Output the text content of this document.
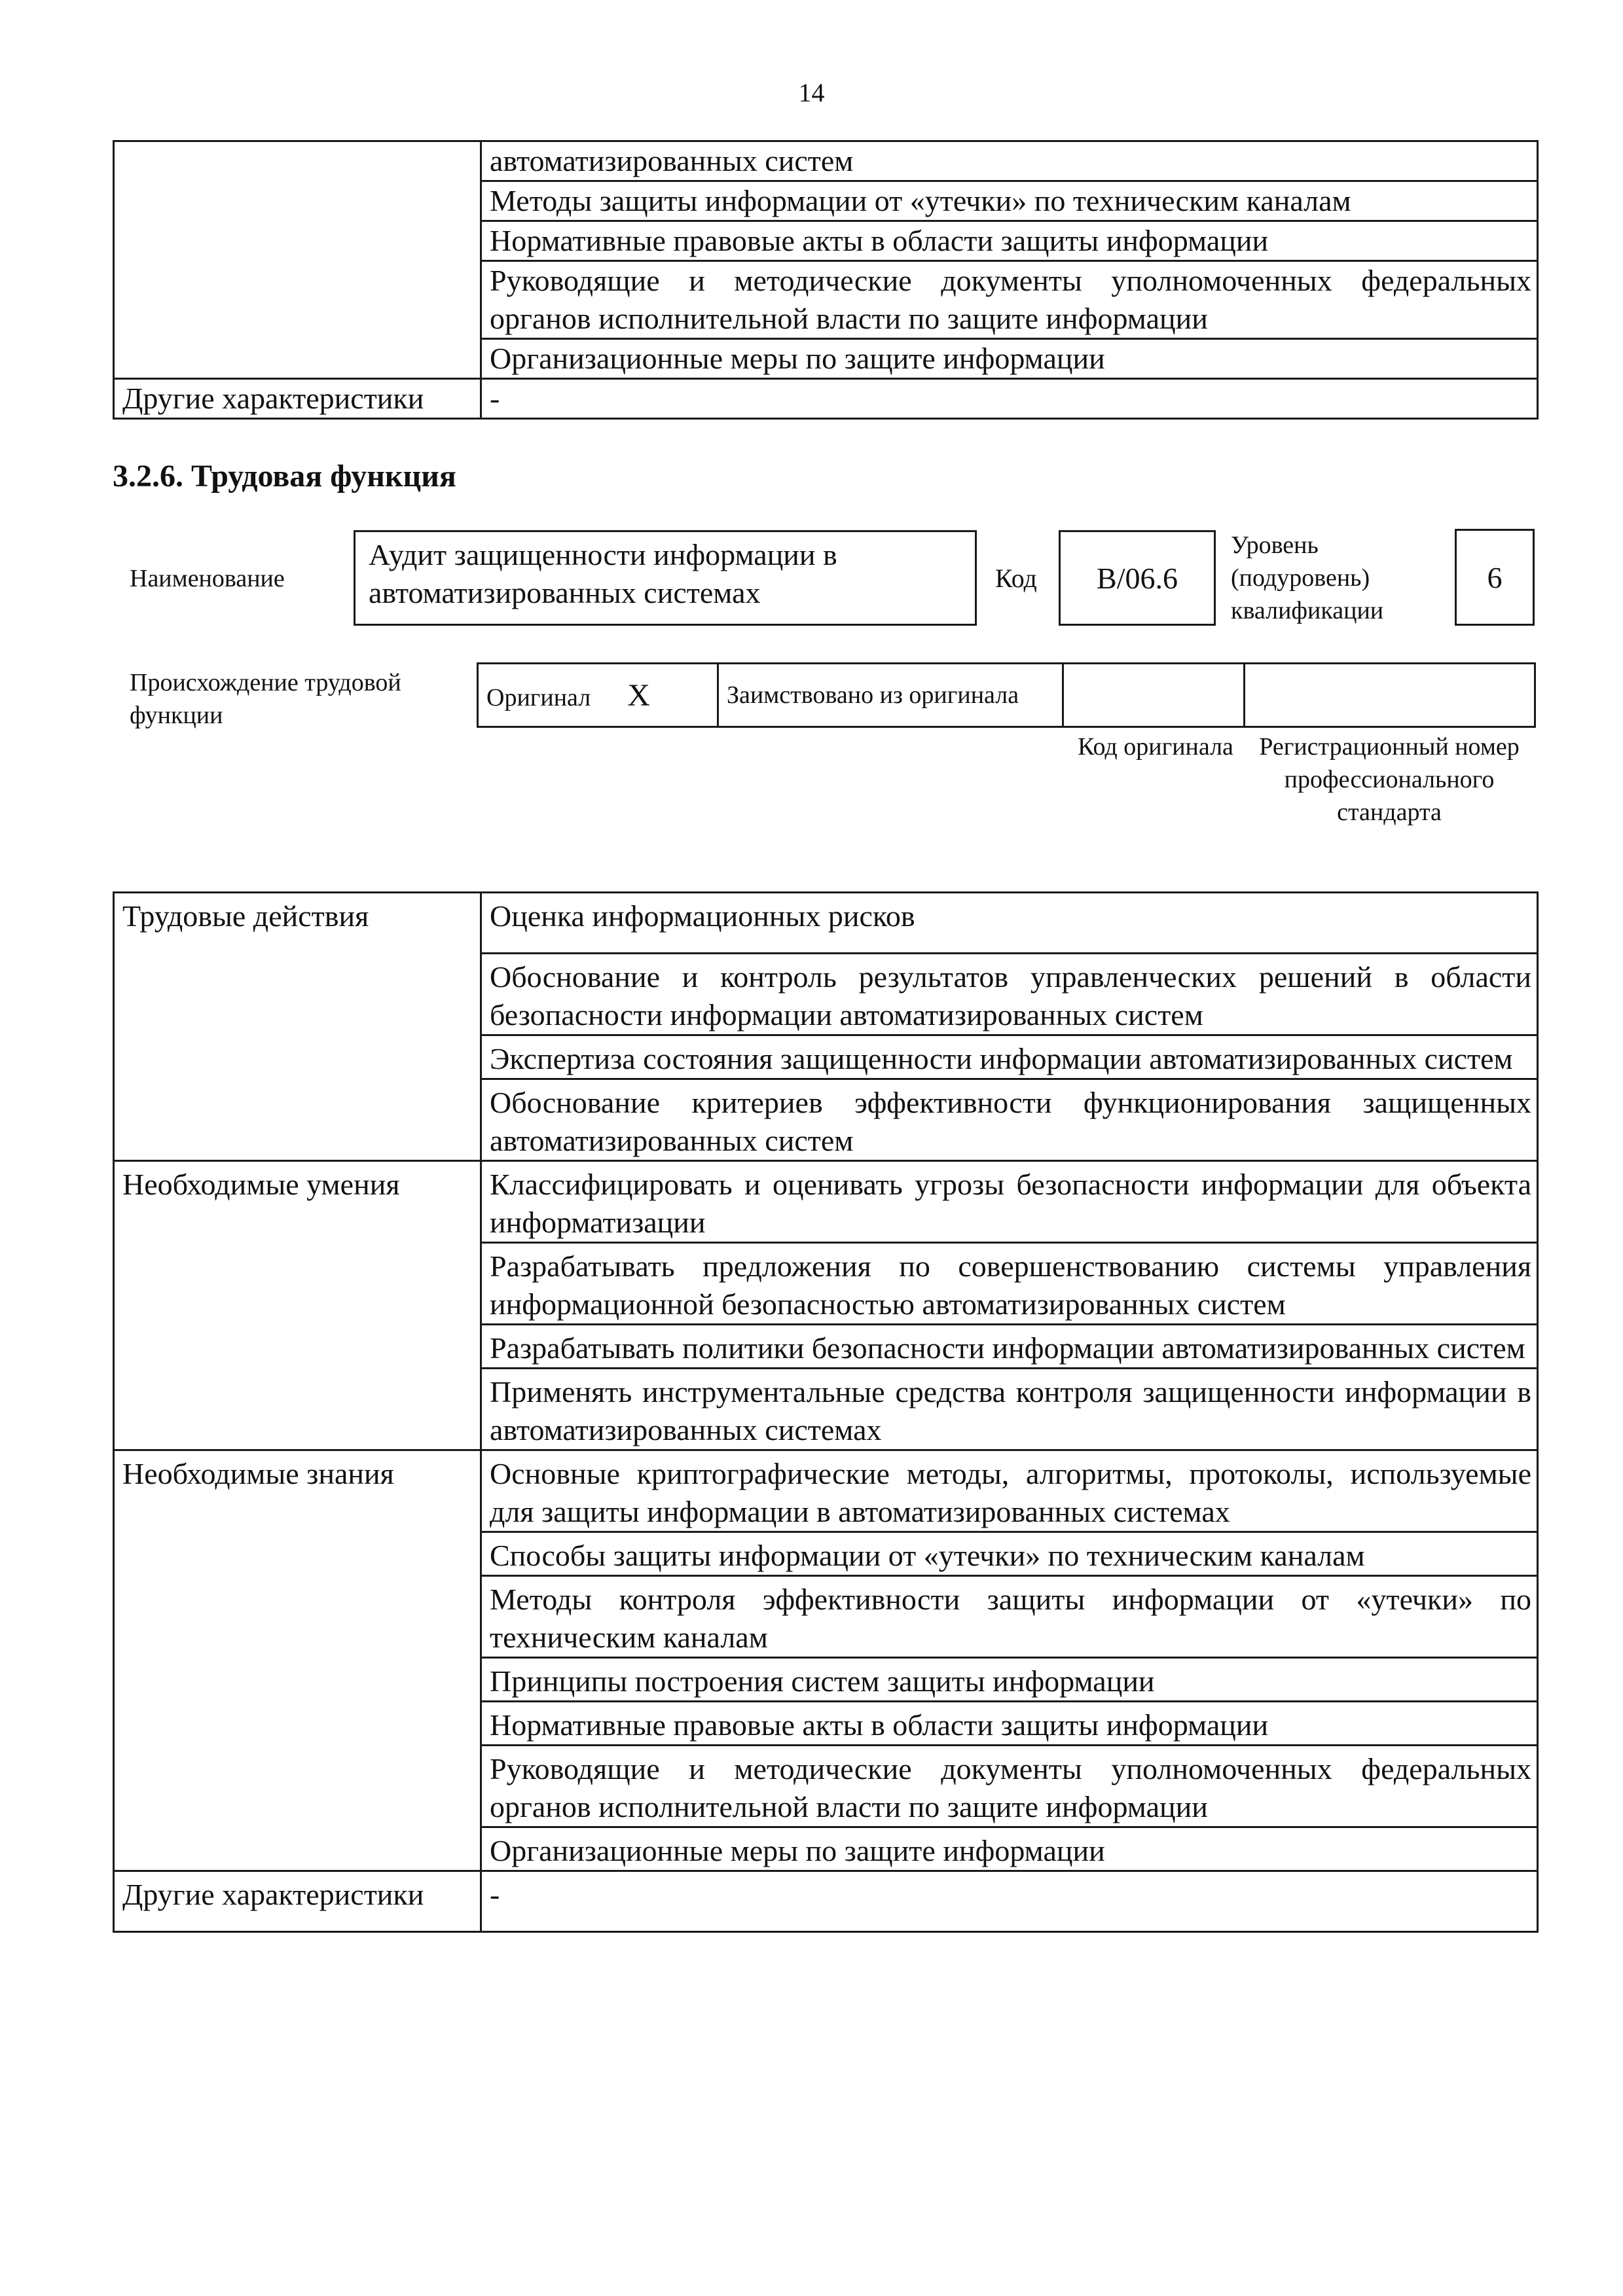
14
	автоматизированных систем
	Методы защиты информации от «утечки» по техническим каналам
	Нормативные правовые акты в области защиты информации
	Руководящие и методические документы уполномоченных федеральных органов исполнительной власти по защите информации
	Организационные меры по защите информации
Другие характеристики	-
3.2.6. Трудовая функция
Наименование
Аудит защищенности информации в автоматизированных системах	Код	B/06.6
Уровень (подуровень) квалификации
6
Происхождение трудовой функции
Оригинал X	Заимствовано из оригинала		
Код оригинала	Регистрационный номер профессионального стандарта
Трудовые действия	Оценка информационных рисков
	Обоснование и контроль результатов управленческих решений в области безопасности информации автоматизированных систем
	Экспертиза состояния защищенности информации автоматизированных систем
	Обоснование критериев эффективности функционирования защищенных автоматизированных систем
Необходимые умения	Классифицировать и оценивать угрозы безопасности информации для объекта информатизации
	Разрабатывать предложения по совершенствованию системы управления информационной безопасностью автоматизированных систем
	Разрабатывать политики безопасности информации автоматизированных систем
	Применять инструментальные средства контроля защищенности информации в автоматизированных системах
Необходимые знания	Основные криптографические методы, алгоритмы, протоколы, используемые для защиты информации в автоматизированных системах
	Способы защиты информации от «утечки» по техническим каналам
	Методы контроля эффективности защиты информации от «утечки» по техническим каналам
	Принципы построения систем защиты информации
	Нормативные правовые акты в области защиты информации
	Руководящие и методические документы уполномоченных федеральных органов исполнительной власти по защите информации
	Организационные меры по защите информации
Другие характеристики	-
